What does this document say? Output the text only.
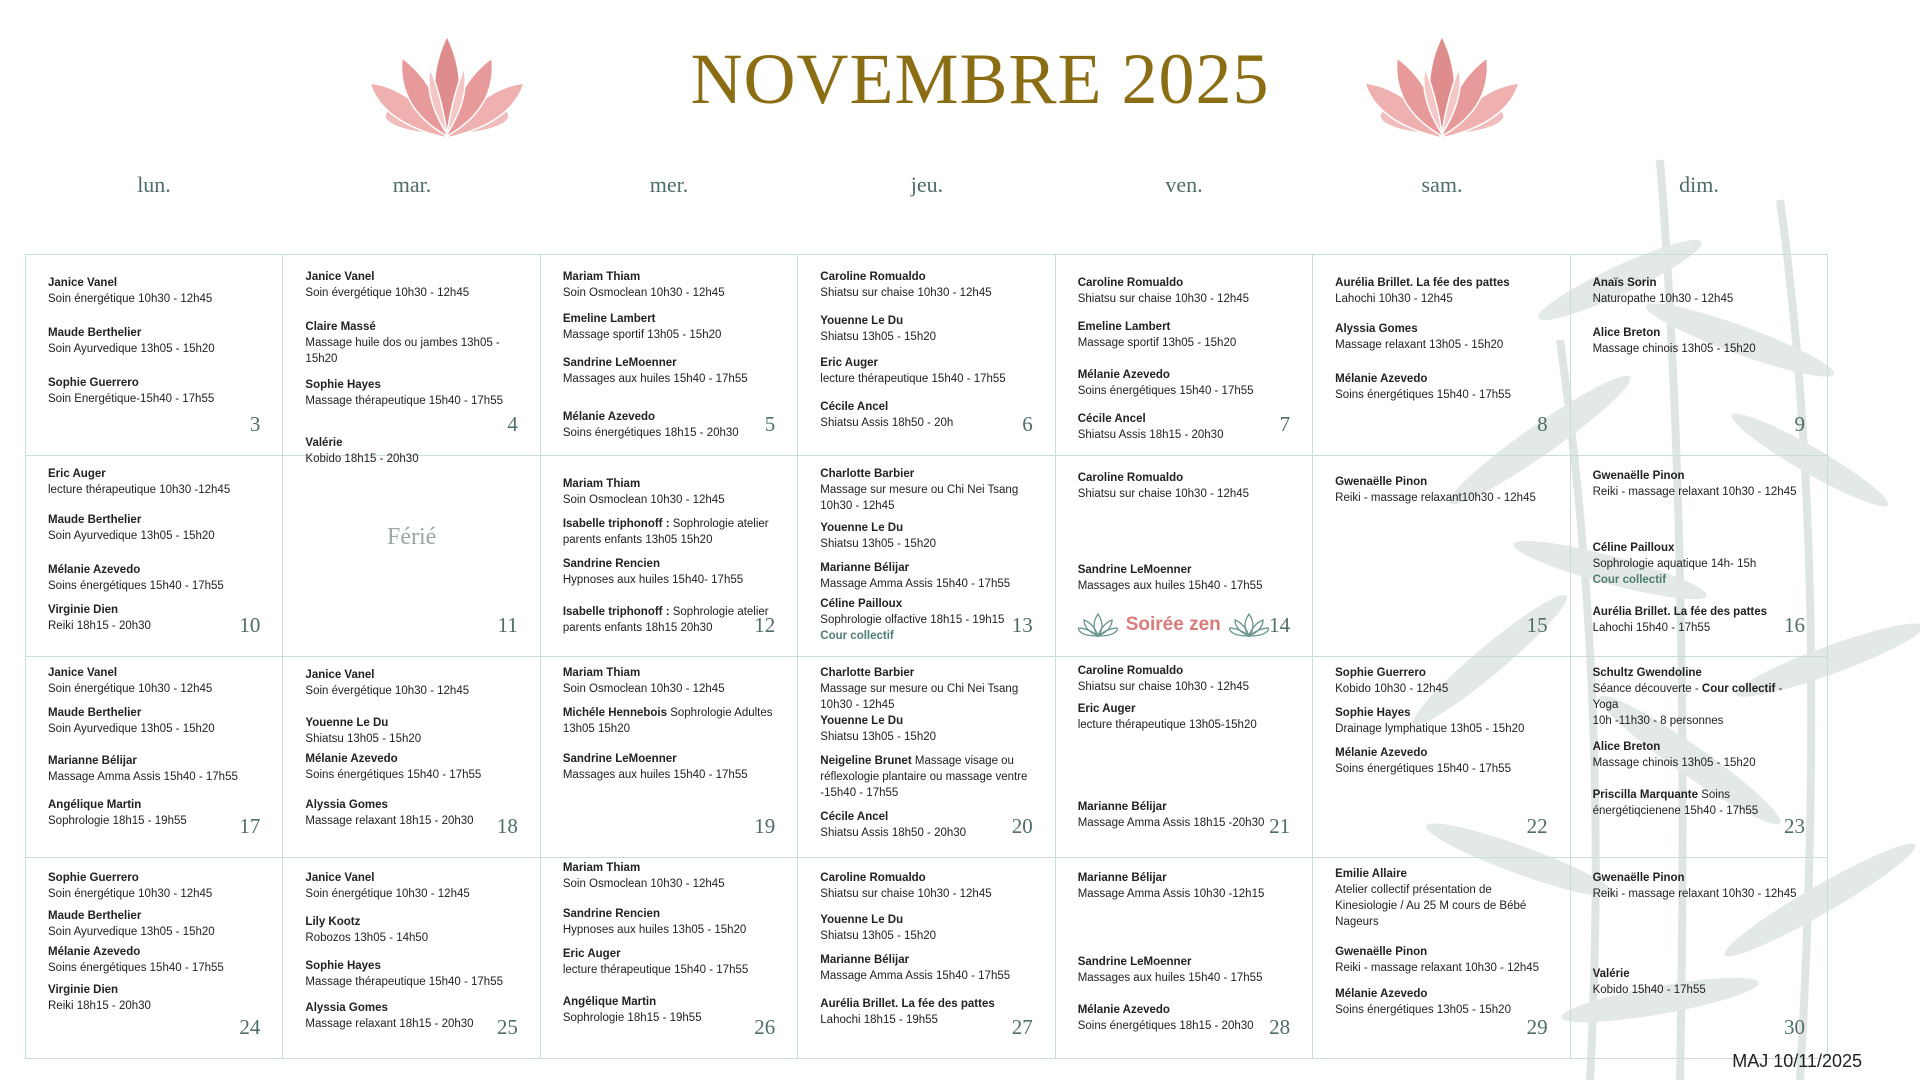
NOVEMBRE 2025
lun.	mar.	mer.	jeu.	ven.	sam.	dim.
Janice Vanel
Soin énergétique 10h30 - 12h45
Maude Berthelier
Soin Ayurvedique 13h05 - 15h20
Sophie Guerrero
Soin Energétique-15h40 - 17h55
3
Janice Vanel
Soin évergétique 10h30 - 12h45
Claire Massé
Massage huile dos ou jambes 13h05 - 15h20
Sophie Hayes
Massage thérapeutique 15h40 - 17h55
Valérie
Kobido 18h15 - 20h30
4
Mariam Thiam
Soin Osmoclean 10h30 - 12h45
Emeline Lambert
Massage sportif 13h05 - 15h20
Sandrine LeMoenner
Massages aux huiles 15h40 - 17h55
Mélanie Azevedo
Soins énergétiques 18h15 - 20h30	5
Caroline Romualdo
Shiatsu sur chaise 10h30 - 12h45
Youenne Le Du
Shiatsu 13h05 - 15h20
Eric Auger
lecture thérapeutique 15h40 - 17h55
Cécile Ancel
Shiatsu Assis 18h50 - 20h	6
Caroline Romualdo
Shiatsu sur chaise 10h30 - 12h45
Emeline Lambert
Massage sportif 13h05 - 15h20
Mélanie Azevedo
Soins énergétiques 15h40 - 17h55
Cécile Ancel
Shiatsu Assis 18h15 - 20h30	7
Aurélia Brillet. La fée des pattes
Lahochi 10h30 - 12h45
Alyssia Gomes
Massage relaxant 13h05 - 15h20
Mélanie Azevedo
Soins énergétiques 15h40 - 17h55
8
Anaïs Sorin
Naturopathe 10h30 - 12h45
Alice Breton
Massage chinois 13h05 - 15h20
9
Eric Auger
lecture thérapeutique 10h30 -12h45
Maude Berthelier
Soin Ayurvedique 13h05 - 15h20
Mélanie Azevedo
Soins énergétiques 15h40 - 17h55
Virginie Dien
Reiki 18h15 - 20h30	10
Férié
11
Mariam Thiam
Soin Osmoclean 10h30 - 12h45
Isabelle triphonoff : Sophrologie atelier parents enfants 13h05 15h20
Sandrine Rencien
Hypnoses aux huiles 15h40- 17h55
Isabelle triphonoff : Sophrologie atelier parents enfants 18h15 20h30	12
Charlotte Barbier
Massage sur mesure ou Chi Nei Tsang 10h30 - 12h45
Youenne Le Du
Shiatsu 13h05 - 15h20
Marianne Bélijar
Massage Amma Assis 15h40 - 17h55
Céline Pailloux
Sophrologie olfactive 18h15 - 19h15
Cour collectif	13
Caroline Romualdo
Shiatsu sur chaise 10h30 - 12h45
Sandrine LeMoenner
Massages aux huiles 15h40 - 17h55
Soirée zen 14
Gwenaëlle Pinon
Reiki - massage relaxant10h30 - 12h45
15
Gwenaëlle Pinon
Reiki - massage relaxant 10h30 - 12h45
Céline Pailloux
Sophrologie aquatique 14h- 15h
Cour collectif
Aurélia Brillet. La fée des pattes
Lahochi 15h40 - 17h55	16
Janice Vanel
Soin énergétique 10h30 - 12h45
Maude Berthelier
Soin Ayurvedique 13h05 - 15h20
Marianne Bélijar
Massage Amma Assis 15h40 - 17h55
Angélique Martin
Sophrologie 18h15 - 19h55	17
Janice Vanel
Soin évergétique 10h30 - 12h45
Youenne Le Du
Shiatsu 13h05 - 15h20
Mélanie Azevedo
Soins énergétiques 15h40 - 17h55
Alyssia Gomes
Massage relaxant 18h15 - 20h30	18
Mariam Thiam
Soin Osmoclean 10h30 - 12h45
Michéle Hennebois Sophrologie Adultes 13h05 15h20
Sandrine LeMoenner
Massages aux huiles 15h40 - 17h55
19
Charlotte Barbier
Massage sur mesure ou Chi Nei Tsang 10h30 - 12h45
Youenne Le Du
Shiatsu 13h05 - 15h20
Neigeline Brunet Massage visage ou réflexologie plantaire ou massage ventre -15h40 - 17h55
Cécile Ancel
Shiatsu Assis 18h50 - 20h30	20
Caroline Romualdo
Shiatsu sur chaise 10h30 - 12h45
Eric Auger
lecture thérapeutique 13h05-15h20
Marianne Bélijar
Massage Amma Assis 18h15 -20h30 21
Sophie Guerrero
Kobido 10h30 - 12h45
Sophie Hayes
Drainage lymphatique 13h05 - 15h20
Mélanie Azevedo
Soins énergétiques 15h40 - 17h55
22
Schultz Gwendoline
Séance découverte - Cour collectif - Yoga
10h -11h30 - 8 personnes
Alice Breton
Massage chinois 13h05 - 15h20
Priscilla Marquante Soins énergétiqcienene 15h40 - 17h55
23
Sophie Guerrero
Soin énergétique 10h30 - 12h45
Maude Berthelier
Soin Ayurvedique 13h05 - 15h20
Mélanie Azevedo
Soins énergétiques 15h40 - 17h55
Virginie Dien
Reiki 18h15 - 20h30
24
Janice Vanel
Soin énergétique 10h30 - 12h45
Lily Kootz
Robozos 13h05 - 14h50
Sophie Hayes
Massage thérapeutique 15h40 - 17h55
Alyssia Gomes
Massage relaxant 18h15 - 20h30	25
Mariam Thiam
Soin Osmoclean 10h30 - 12h45
Sandrine Rencien
Hypnoses aux huiles 13h05 - 15h20
Eric Auger
lecture thérapeutique 15h40 - 17h55
Angélique Martin
Sophrologie 18h15 - 19h55	26
Caroline Romualdo
Shiatsu sur chaise 10h30 - 12h45
Youenne Le Du
Shiatsu 13h05 - 15h20
Marianne Bélijar
Massage Amma Assis 15h40 - 17h55
Aurélia Brillet. La fée des pattes
Lahochi 18h15 - 19h55	27
Marianne Bélijar
Massage Amma Assis 10h30 -12h15
Sandrine LeMoenner
Massages aux huiles 15h40 - 17h55
Mélanie Azevedo
Soins énergétiques 18h15 - 20h30 28
Emilie Allaire
Atelier collectif présentation de Kinesiologie / Au 25 M cours de Bébé Nageurs
Gwenaëlle Pinon
Reiki - massage relaxant 10h30 - 12h45
Mélanie Azevedo
Soins énergétiques 13h05 - 15h20
29
Gwenaëlle Pinon
Reiki - massage relaxant 10h30 - 12h45
Valérie
Kobido 15h40 - 17h55
30
MAJ 10/11/2025
